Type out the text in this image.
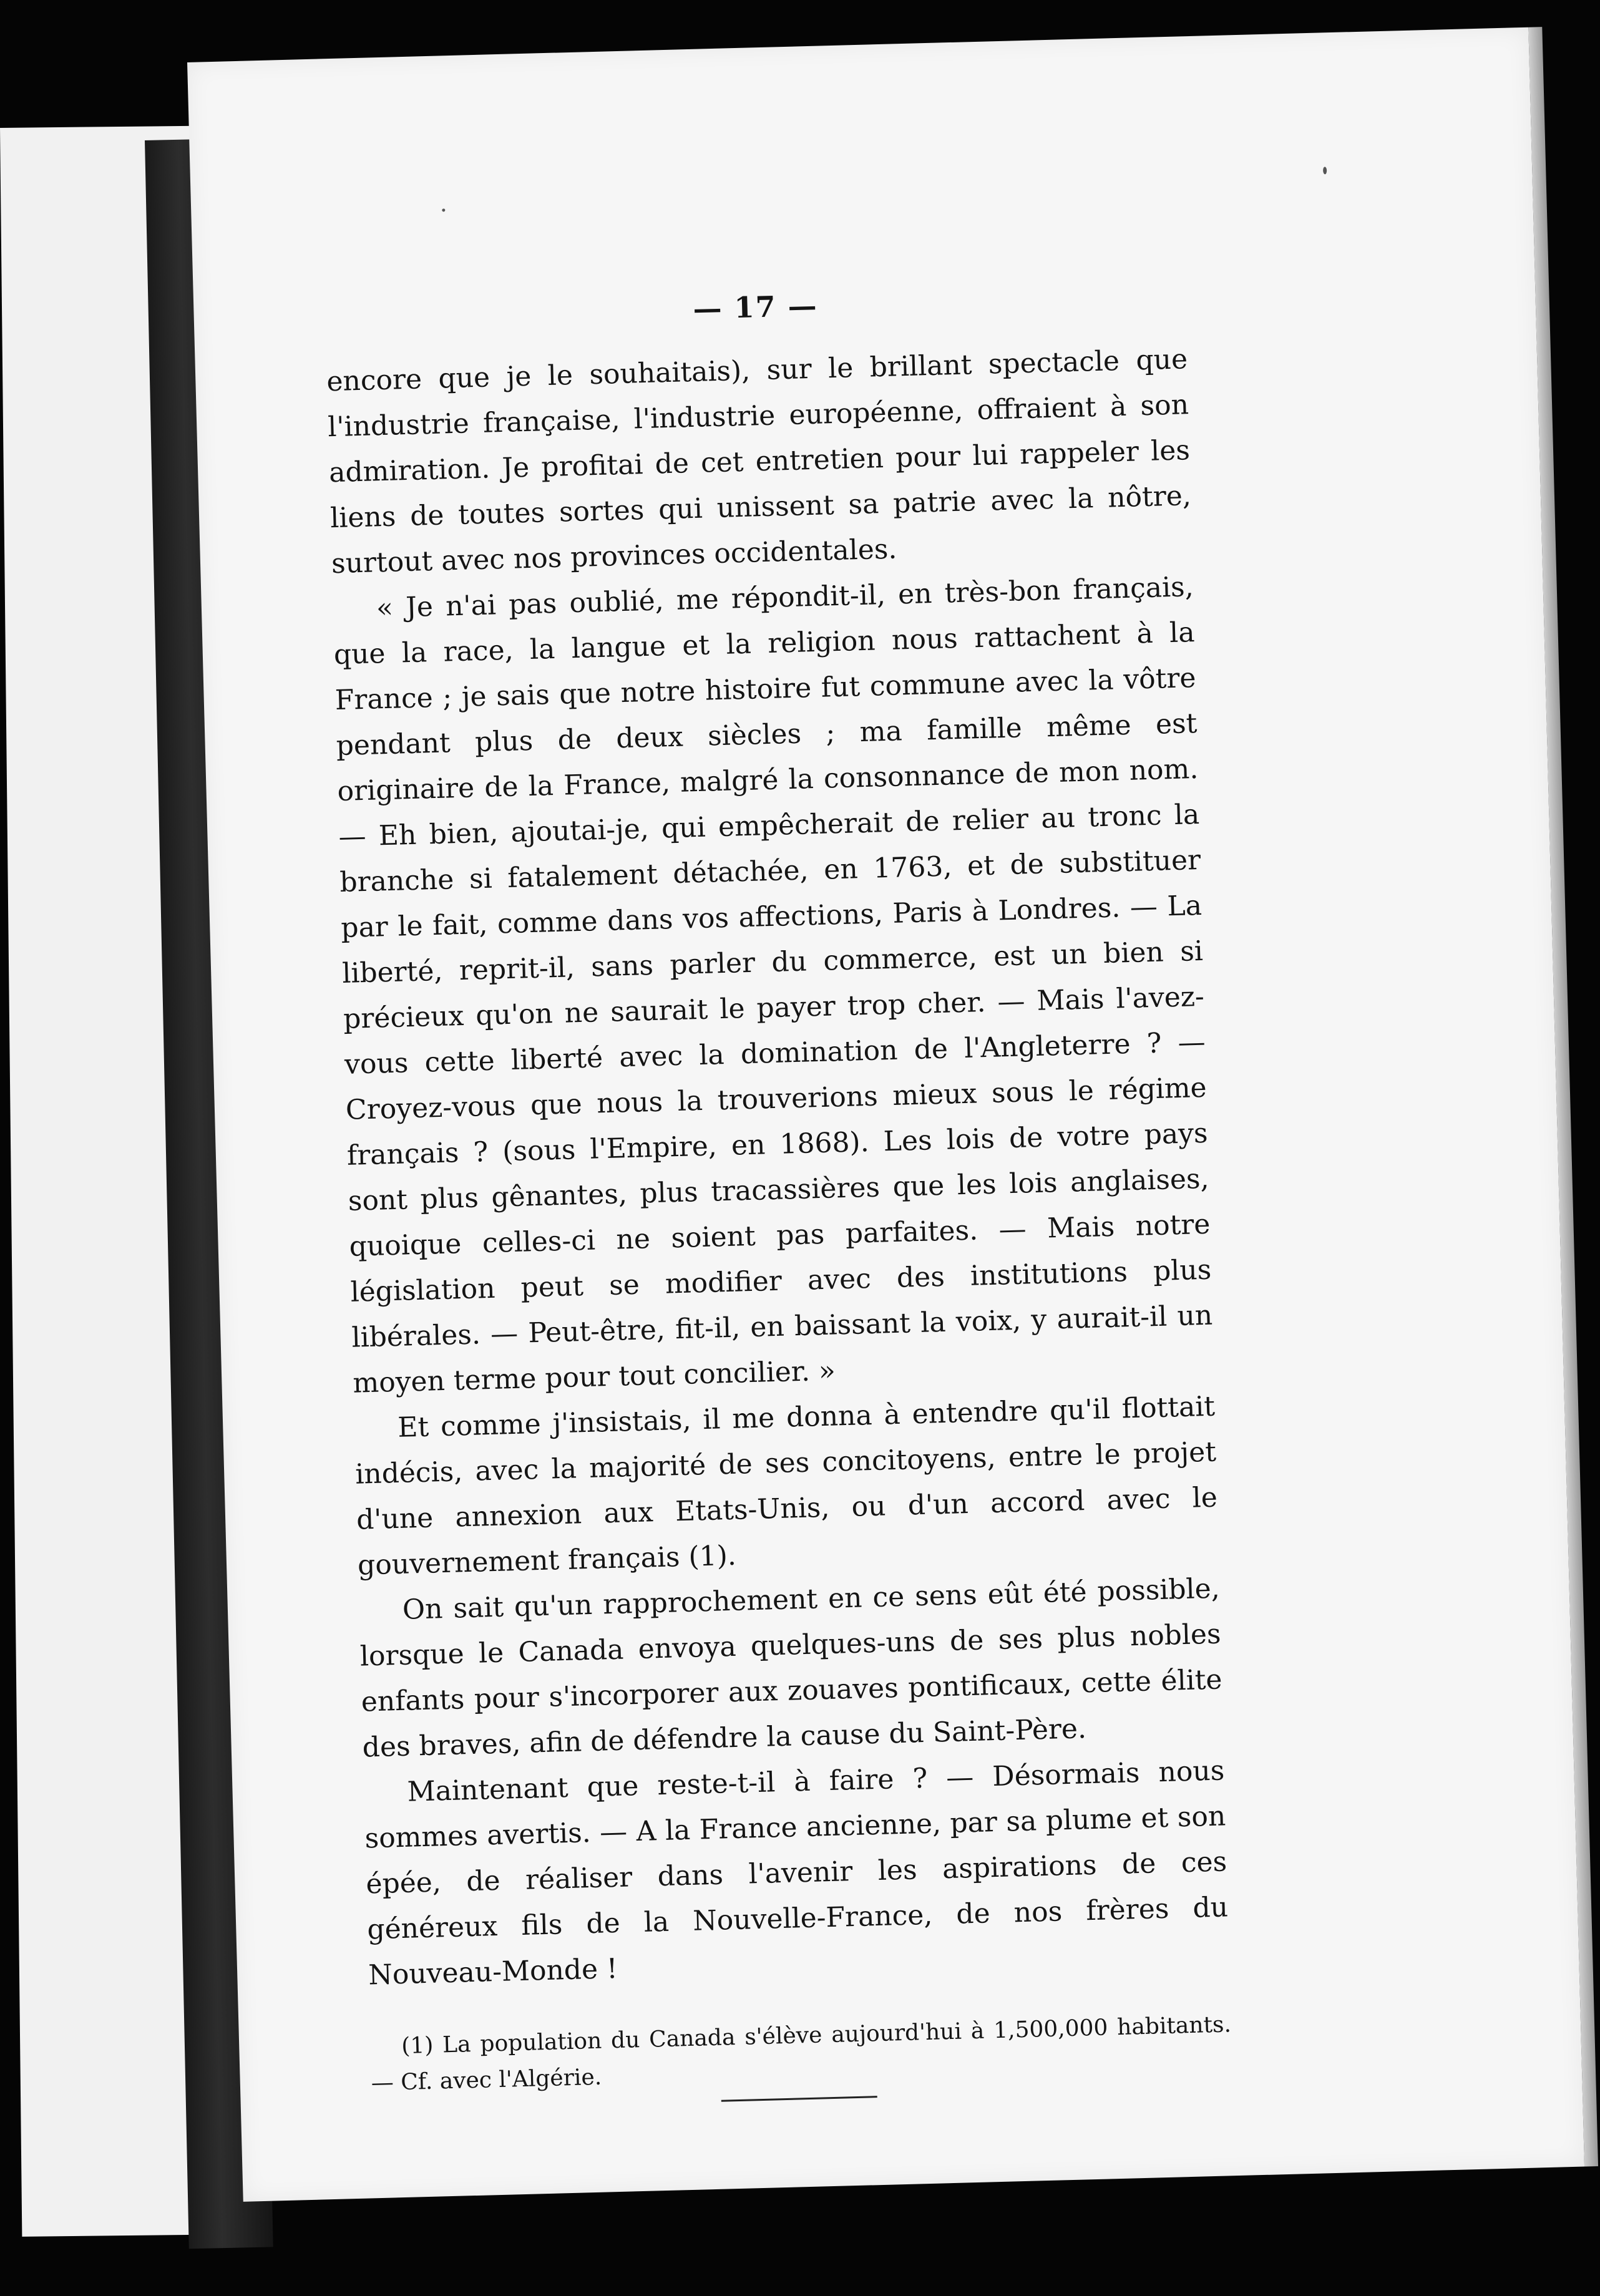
— 17 —

encore que je le souhaitais), sur le brillant spectacle que l'industrie française, l'industrie européenne, offraient à son admiration. Je profitai de cet entretien pour lui rappeler les liens de toutes sortes qui unissent sa patrie avec la nôtre, surtout avec nos provinces occidentales.

« Je n'ai pas oublié, me répondit-il, en très-bon français, que la race, la langue et la religion nous rattachent à la France ; je sais que notre histoire fut commune avec la vôtre pendant plus de deux siècles ; ma famille même est originaire de la France, malgré la consonnance de mon nom. — Eh bien, ajoutai-je, qui empêcherait de relier au tronc la branche si fatalement détachée, en 1763, et de substituer par le fait, comme dans vos affections, Paris à Londres. — La liberté, reprit-il, sans parler du commerce, est un bien si précieux qu'on ne saurait le payer trop cher. — Mais l'avez-vous cette liberté avec la domination de l'Angleterre ? — Croyez-vous que nous la trouverions mieux sous le régime français ? (sous l'Empire, en 1868). Les lois de votre pays sont plus gênantes, plus tracassières que les lois anglaises, quoique celles-ci ne soient pas parfaites. — Mais notre législation peut se modifier avec des institutions plus libérales. — Peut-être, fit-il, en baissant la voix, y aurait-il un moyen terme pour tout concilier. »

Et comme j'insistais, il me donna à entendre qu'il flottait indécis, avec la majorité de ses concitoyens, entre le projet d'une annexion aux Etats-Unis, ou d'un accord avec le gouvernement français (1).

On sait qu'un rapprochement en ce sens eût été possible, lorsque le Canada envoya quelques-uns de ses plus nobles enfants pour s'incorporer aux zouaves pontificaux, cette élite des braves, afin de défendre la cause du Saint-Père.

Maintenant que reste-t-il à faire ? — Désormais nous sommes avertis. — A la France ancienne, par sa plume et son épée, de réaliser dans l'avenir les aspirations de ces généreux fils de la Nouvelle-France, de nos frères du Nouveau-Monde !

(1) La population du Canada s'élève aujourd'hui à 1,500,000 habitants. — Cf. avec l'Algérie.
